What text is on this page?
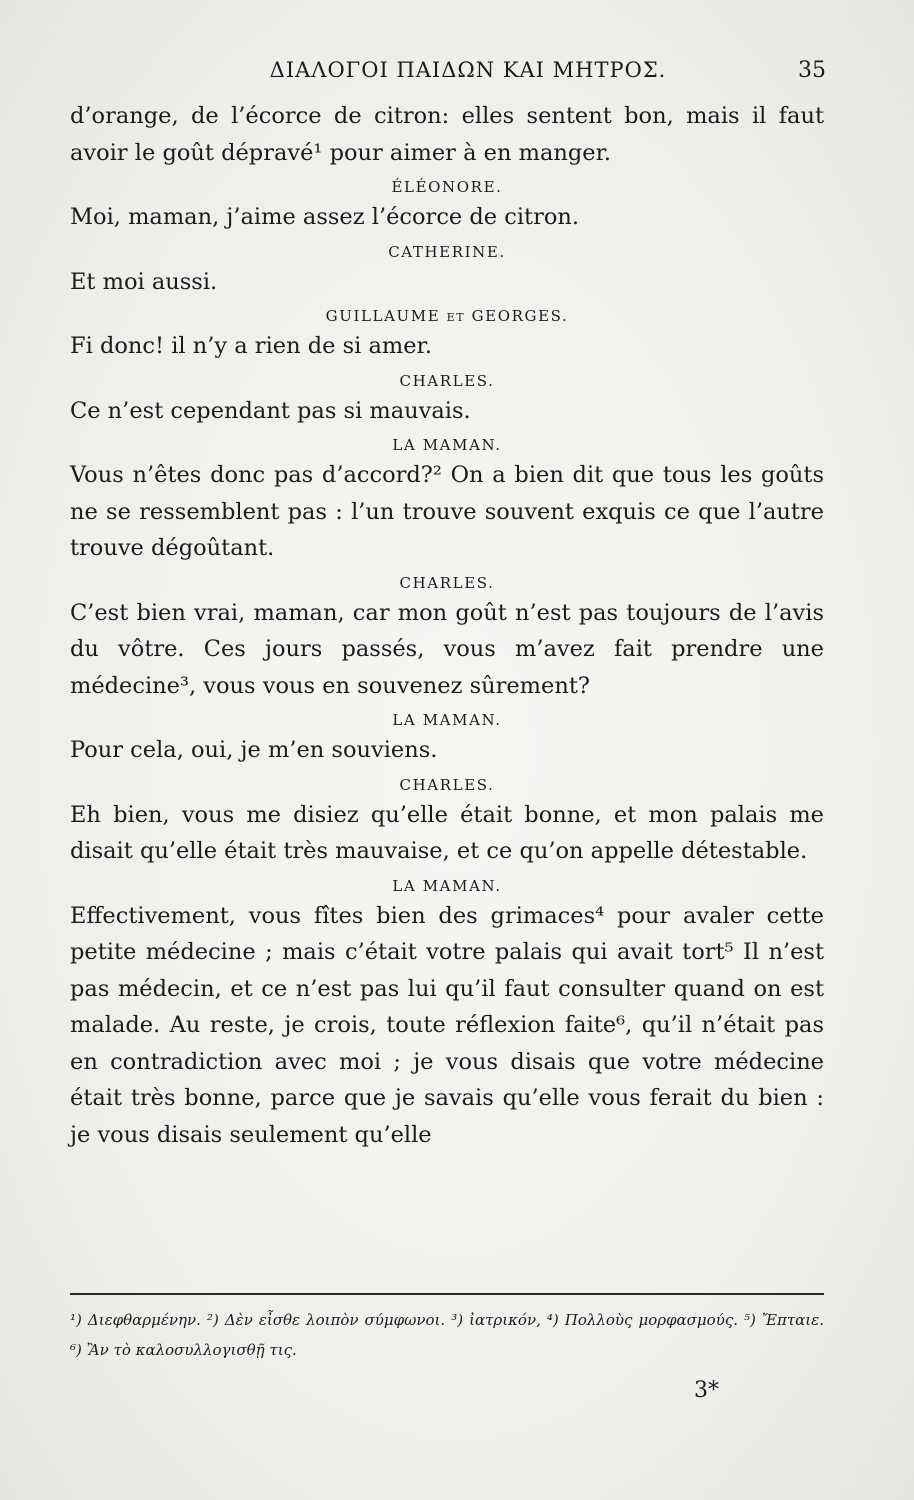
ΔΙΑΛΟΓΟΙ ΠΑΙΔΩΝ ΚΑΙ ΜΗΤΡΟΣ.	35

d’orange, de l’écorce de citron: elles sentent bon, mais il faut avoir le goût dépravé¹ pour aimer à en manger.

ÉLÉONORE.

Moi, maman, j’aime assez l’écorce de citron.

CATHERINE.

Et moi aussi.

GUILLAUME et GEORGES.

Fi donc! il n’y a rien de si amer.

CHARLES.

Ce n’est cependant pas si mauvais.

LA MAMAN.

Vous n’êtes donc pas d’accord?² On a bien dit que tous les goûts ne se ressemblent pas : l’un trouve souvent exquis ce que l’autre trouve dégoûtant.

CHARLES.

C’est bien vrai, maman, car mon goût n’est pas toujours de l’avis du vôtre. Ces jours passés, vous m’avez fait prendre une médecine³, vous vous en souvenez sûrement?

LA MAMAN.

Pour cela, oui, je m’en souviens.

CHARLES.

Eh bien, vous me disiez qu’elle était bonne, et mon palais me disait qu’elle était très mauvaise, et ce qu’on appelle détestable.

LA MAMAN.

Effectivement, vous fîtes bien des grimaces⁴ pour avaler cette petite médecine ; mais c’était votre palais qui avait tort⁵ Il n’est pas médecin, et ce n’est pas lui qu’il faut consulter quand on est malade. Au reste, je crois, toute réflexion faite⁶, qu’il n’était pas en contradiction avec moi ; je vous disais que votre médecine était très bonne, parce que je savais qu’elle vous ferait du bien : je vous disais seulement qu’elle

¹) Διεφθαρμένην. ²) Δὲν εἶσθε λοιπὸν σύμφωνοι. ³) ἰατρικόν, ⁴) Πολλοὺς μορφασμούς. ⁵) Ἔπταιε. ⁶) Ἂν τὸ καλοσυλλογισθῇ τις.
3*
